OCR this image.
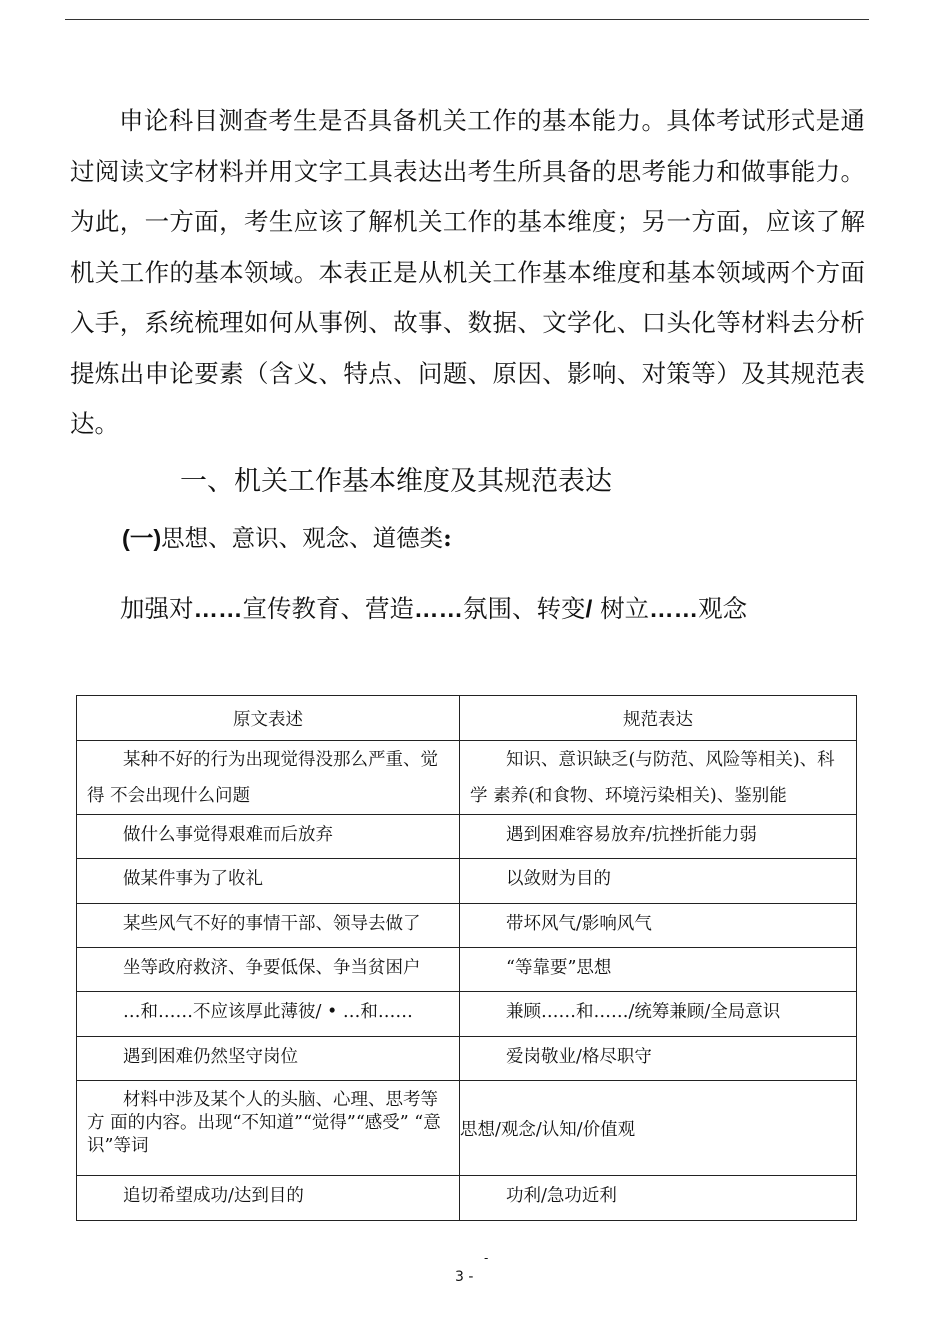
申论科目测查考生是否具备机关工作的基本能力。具体考试形式是通过阅读文字材料并用文字工具表达出考生所具备的思考能力和做事能力。为此，一方面，考生应该了解机关工作的基本维度；另一方面，应该了解机关工作的基本领域。本表正是从机关工作基本维度和基本领域两个方面入手，系统梳理如何从事例、故事、数据、文学化、口头化等材料去分析提炼出申论要素（含义、特点、问题、原因、影响、对策等）及其规范表达。

一、机关工作基本维度及其规范表达

(一)思想、意识、观念、道德类:

加强对……宣传教育、营造……氛围、转变/ 树立……观念

原文表述	规范表达

某种不好的行为出现觉得没那么严重、觉得 不会出现什么问题	知识、意识缺乏(与防范、风险等相关)、科学 素养(和食物、环境污染相关)、鉴别能

做什么事觉得艰难而后放弃	遇到困难容易放弃/抗挫折能力弱

做某件事为了收礼	以敛财为目的

某些风气不好的事情干部、领导去做了	带坏风气/影响风气

坐等政府救济、争要低保、争当贫困户	“等靠要”思想

…和……不应该厚此薄彼/ • …和……	兼顾……和……/统筹兼顾/全局意识

遇到困难仍然坚守岗位	爱岗敬业/格尽职守

材料中涉及某个人的头脑、心理、思考等方 面的内容。出现“不知道”“觉得”“感受” “意识”等词	思想/观念/认知/价值观

追切希望成功/达到目的	功利/急功近利
-
3 -
